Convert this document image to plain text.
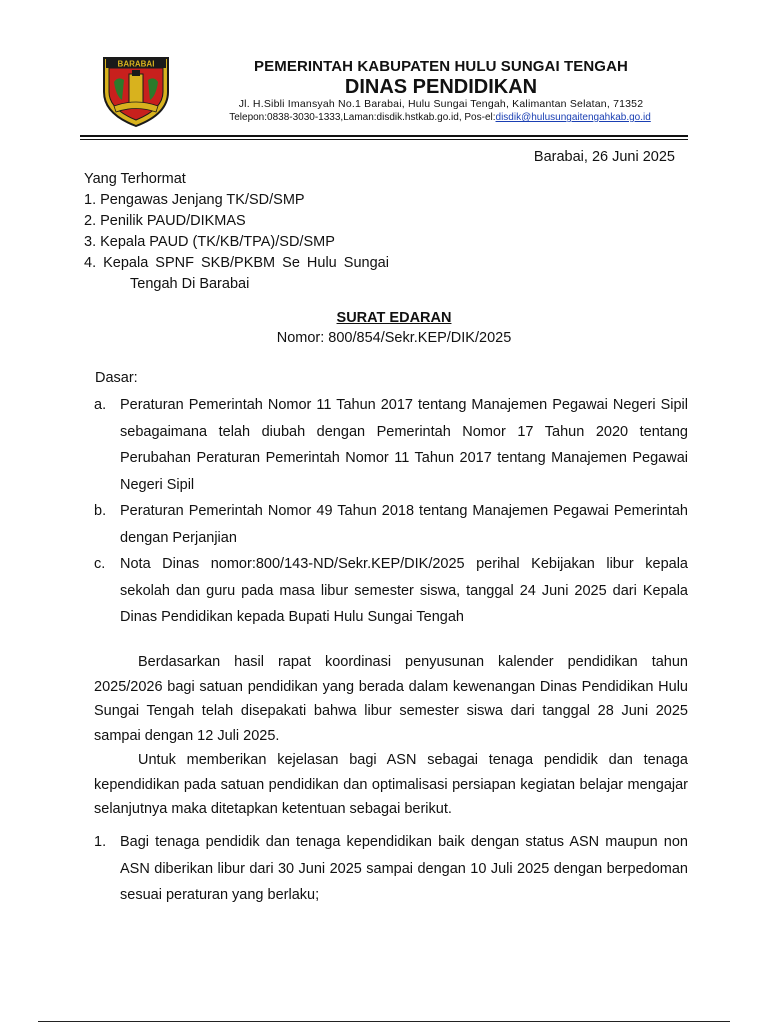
BARABAI	PEMERINTAH KABUPATEN HULU SUNGAI TENGAH
DINAS PENDIDIKAN
Jl. H.Sibli Imansyah No.1 Barabai, Hulu Sungai Tengah, Kalimantan Selatan, 71352
Telepon:0838-3030-1333,Laman:disdik.hstkab.go.id, Pos-el:disdik@hulusungaitengahkab.go.id
Barabai, 26 Juni 2025
Yang Terhormat
1. Pengawas Jenjang TK/SD/SMP
2. Penilik PAUD/DIKMAS
3. Kepala PAUD (TK/KB/TPA)/SD/SMP
4. Kepala SPNF SKB/PKBM Se Hulu Sungai
Tengah Di Barabai
SURAT EDARAN
Nomor: 800/854/Sekr.KEP/DIK/2025
Dasar:
a. Peraturan Pemerintah Nomor 11 Tahun 2017 tentang Manajemen Pegawai Negeri Sipil sebagaimana telah diubah dengan Pemerintah Nomor 17 Tahun 2020 tentang Perubahan Peraturan Pemerintah Nomor 11 Tahun 2017 tentang Manajemen Pegawai Negeri Sipil
b. Peraturan Pemerintah Nomor 49 Tahun 2018 tentang Manajemen Pegawai Pemerintah dengan Perjanjian
c.	Nota Dinas nomor:800/143-ND/Sekr.KEP/DIK/2025 perihal Kebijakan libur kepala sekolah dan guru pada masa libur semester siswa, tanggal 24 Juni 2025 dari Kepala Dinas Pendidikan kepada Bupati Hulu Sungai Tengah
Berdasarkan hasil rapat koordinasi penyusunan kalender pendidikan tahun 2025/2026 bagi satuan pendidikan yang berada dalam kewenangan Dinas Pendidikan Hulu Sungai Tengah telah disepakati bahwa libur semester siswa dari tanggal 28 Juni 2025 sampai dengan 12 Juli 2025.
Untuk memberikan kejelasan bagi ASN sebagai tenaga pendidik dan tenaga kependidikan pada satuan pendidikan dan optimalisasi persiapan kegiatan belajar mengajar selanjutnya maka ditetapkan ketentuan sebagai berikut.
1. Bagi tenaga pendidik dan tenaga kependidikan baik dengan status ASN maupun non ASN diberikan libur dari 30 Juni 2025 sampai dengan 10 Juli 2025 dengan berpedoman sesuai peraturan yang berlaku;
